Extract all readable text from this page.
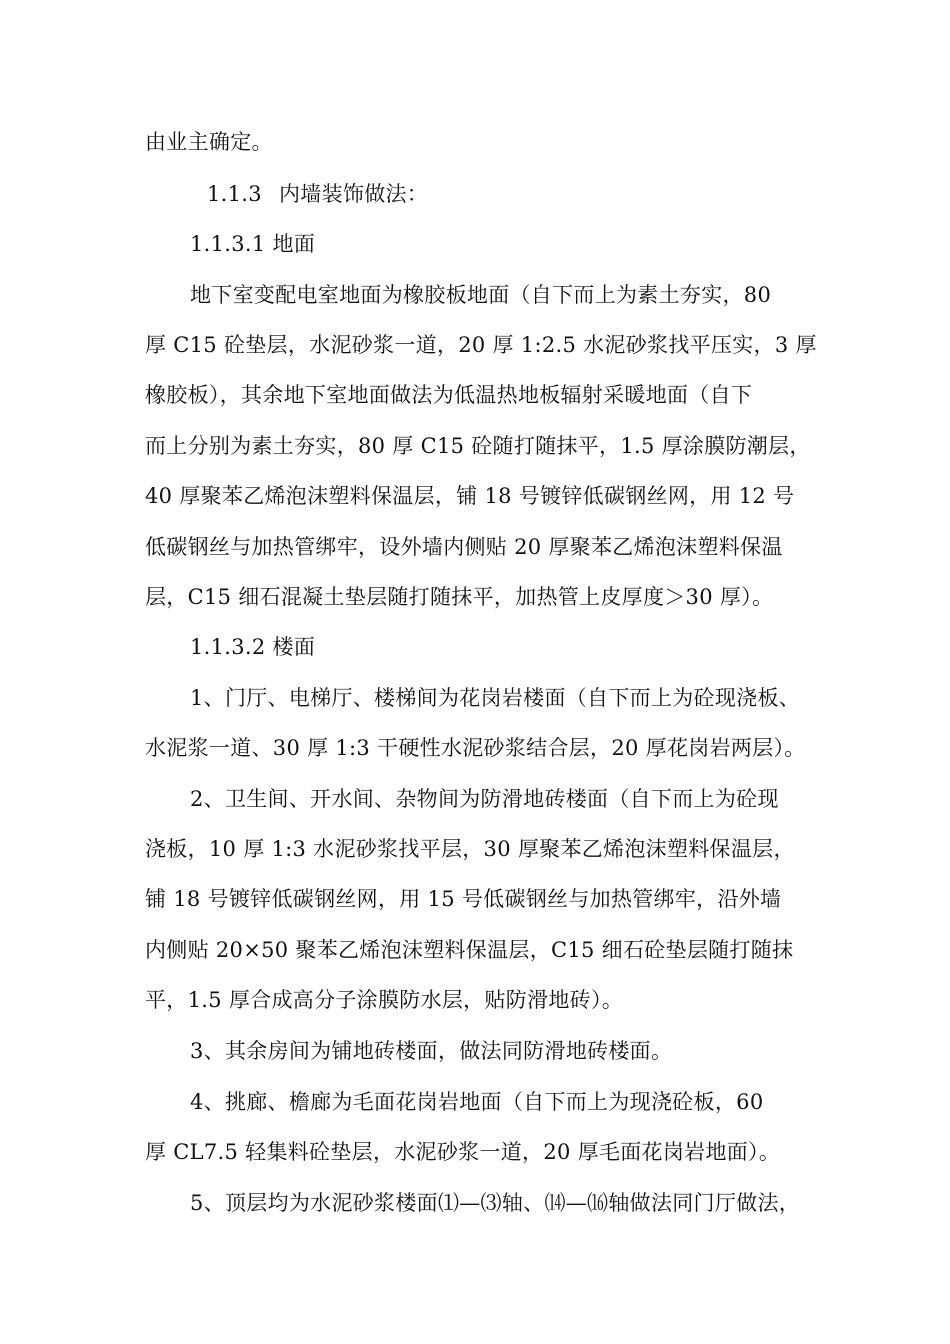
由业主确定。
1.1.3 内墙装饰做法：
1.1.3.1 地面
地下室变配电室地面为橡胶板地面（自下而上为素土夯实，80
厚 C15 砼垫层，水泥砂浆一道，20 厚 1:2.5 水泥砂浆找平压实，3 厚
橡胶板），其余地下室地面做法为低温热地板辐射采暖地面（自下
而上分别为素土夯实，80 厚 C15 砼随打随抹平，1.5 厚涂膜防潮层，
40 厚聚苯乙烯泡沫塑料保温层，铺 18 号镀锌低碳钢丝网，用 12 号
低碳钢丝与加热管绑牢，设外墙内侧贴 20 厚聚苯乙烯泡沫塑料保温
层，C15 细石混凝土垫层随打随抹平，加热管上皮厚度＞30 厚）。
1.1.3.2 楼面
1、门厅、电梯厅、楼梯间为花岗岩楼面（自下而上为砼现浇板、
水泥浆一道、30 厚 1:3 干硬性水泥砂浆结合层，20 厚花岗岩两层）。
2、卫生间、开水间、杂物间为防滑地砖楼面（自下而上为砼现
浇板，10 厚 1:3 水泥砂浆找平层，30 厚聚苯乙烯泡沫塑料保温层，
铺 18 号镀锌低碳钢丝网，用 15 号低碳钢丝与加热管绑牢，沿外墙
内侧贴 20×50 聚苯乙烯泡沫塑料保温层，C15 细石砼垫层随打随抹
平，1.5 厚合成高分子涂膜防水层，贴防滑地砖）。
3、其余房间为铺地砖楼面，做法同防滑地砖楼面。
4、挑廊、檐廊为毛面花岗岩地面（自下而上为现浇砼板，60
厚 CL7.5 轻集料砼垫层，水泥砂浆一道，20 厚毛面花岗岩地面）。
5、顶层均为水泥砂浆楼面⑴—⑶轴、⒁—⒃轴做法同门厅做法，
